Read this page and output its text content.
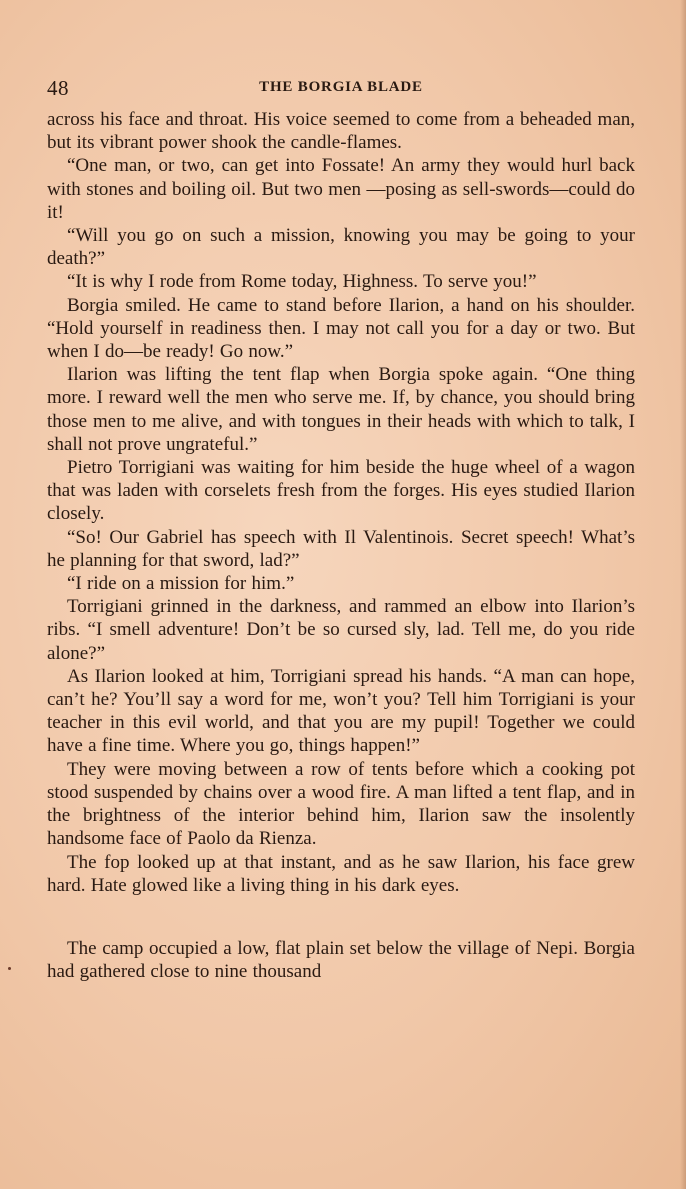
48	THE BORGIA BLADE

across his face and throat. His voice seemed to come from a beheaded man, but its vibrant power shook the candle-flames.

“One man, or two, can get into Fossate! An army they would hurl back with stones and boiling oil. But two men —posing as sell-swords—could do it!

“Will you go on such a mission, knowing you may be going to your death?”

“It is why I rode from Rome today, Highness. To serve you!”

Borgia smiled. He came to stand before Ilarion, a hand on his shoulder. “Hold yourself in readiness then. I may not call you for a day or two. But when I do—be ready! Go now.”

Ilarion was lifting the tent flap when Borgia spoke again. “One thing more. I reward well the men who serve me. If, by chance, you should bring those men to me alive, and with tongues in their heads with which to talk, I shall not prove ungrateful.”

Pietro Torrigiani was waiting for him beside the huge wheel of a wagon that was laden with corselets fresh from the forges. His eyes studied Ilarion closely.

“So! Our Gabriel has speech with Il Valentinois. Secret speech! What’s he planning for that sword, lad?”

“I ride on a mission for him.”

Torrigiani grinned in the darkness, and rammed an elbow into Ilarion’s ribs. “I smell adventure! Don’t be so cursed sly, lad. Tell me, do you ride alone?”

As Ilarion looked at him, Torrigiani spread his hands. “A man can hope, can’t he? You’ll say a word for me, won’t you? Tell him Torrigiani is your teacher in this evil world, and that you are my pupil! Together we could have a fine time. Where you go, things happen!”

They were moving between a row of tents before which a cooking pot stood suspended by chains over a wood fire. A man lifted a tent flap, and in the brightness of the interior behind him, Ilarion saw the insolently handsome face of Paolo da Rienza.

The fop looked up at that instant, and as he saw Ilarion, his face grew hard. Hate glowed like a living thing in his dark eyes.

The camp occupied a low, flat plain set below the village of Nepi. Borgia had gathered close to nine thousand
